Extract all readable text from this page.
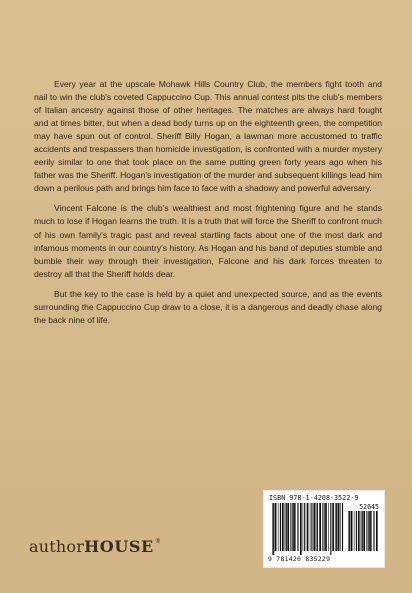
Every year at the upscale Mohawk Hills Country Club, the members fight tooth and nail to win the club's coveted Cappuccino Cup. This annual contest pits the club's members of Italian ancestry against those of other heritages. The matches are always hard fought and at times bitter, but when a dead body turns up on the eighteenth green, the competition may have spun out of control. Sheriff Billy Hogan, a lawman more accustomed to traffic accidents and trespassers than homicide investigation, is confronted with a murder mystery eerily similar to one that took place on the same putting green forty years ago when his father was the Sheriff. Hogan's investigation of the murder and subsequent killings lead him down a perilous path and brings him face to face with a shadowy and powerful adversary.

Vincent Falcone is the club's wealthiest and most frightening figure and he stands much to lose if Hogan learns the truth. It is a truth that will force the Sheriff to confront much of his own family's tragic past and reveal startling facts about one of the most dark and infamous moments in our country's history. As Hogan and his band of deputies stumble and bumble their way through their investigation, Falcone and his dark forces threaten to destroy all that the Sheriff holds dear.

But the key to the case is held by a quiet and unexpected source, and as the events surrounding the Cappuccino Cup draw to a close, it is a dangerous and deadly chase along the back nine of life.

authorHOUSE®
ISBN 978-1-4208-3522-9
52645
9 781420 835229
